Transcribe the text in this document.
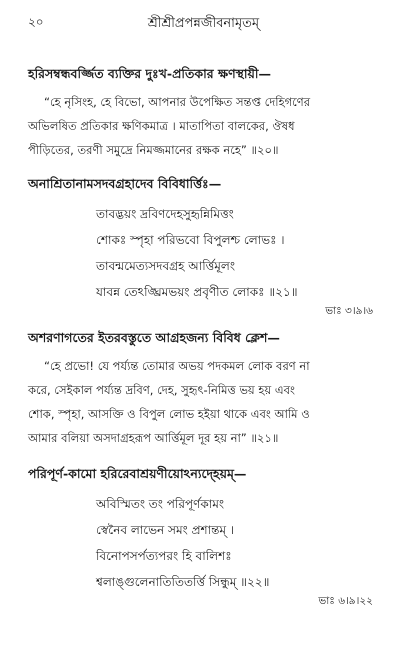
২০	শ্রীশ্রীপ্রপন্নজীবনামৃতম্‌
হরিসম্বন্ধবর্জ্জিত ব্যক্তির দুঃখ-প্রতিকার ক্ষণস্থায়ী—
“হে নৃসিংহ, হে বিভো, আপনার উপেক্ষিত সন্তপ্ত দেহিগণের
অভিলষিত প্রতিকার ক্ষণিকমাত্র । মাতাপিতা বালকের, ঔষধ
পীড়িতের, তরণী সমুদ্রে নিমজ্জমানের রক্ষক নহে” ॥২০॥
অনাশ্রিতানামসদবগ্রহাদেব বিবিধার্ত্তিঃ—
তাবদ্ভয়ং দ্রবিণদেহসুহৃন্নিমিত্তং
শোকঃ স্পৃহা পরিভবো বিপুলশ্চ লোভঃ ।
তাবন্মমেত্যসদবগ্রহ আর্ত্তিমূলং
যাবন্ন তেঽঙ্ঘ্রিমভয়ং প্রবৃণীত লোকঃ ॥২১॥
ভাঃ ৩।৯।৬
অশরণাগতের ইতরবস্তুতে আগ্রহজন্য বিবিধ ক্লেশ—
“হে প্রভো! যে পর্য্যন্ত তোমার অভয় পদকমল লোক বরণ না
করে, সেইকাল পর্য্যন্ত দ্রবিণ, দেহ, সুহৃৎ-নিমিত্ত ভয় হয় এবং
শোক, স্পৃহা, আসক্তি ও বিপুল লোভ হইয়া থাকে এবং আমি ও
আমার বলিয়া অসদাগ্রহরূপ আর্ত্তিমূল দূর হয় না” ॥২১॥
পরিপূর্ণ-কামো হরিরেবাশ্রয়ণীয়োঽন্যদ্হেয়ম্‌—
অবিস্মিতং তং পরিপূর্ণকামং
স্বেনৈব লাভেন সমং প্রশান্তম্‌ ।
বিনোপসর্পত্যপরং হি বালিশঃ
শ্বলাঙ্গুলেনাতিতিতর্ত্তি সিন্ধুম্‌ ॥২২॥
ভাঃ ৬।৯।২২
